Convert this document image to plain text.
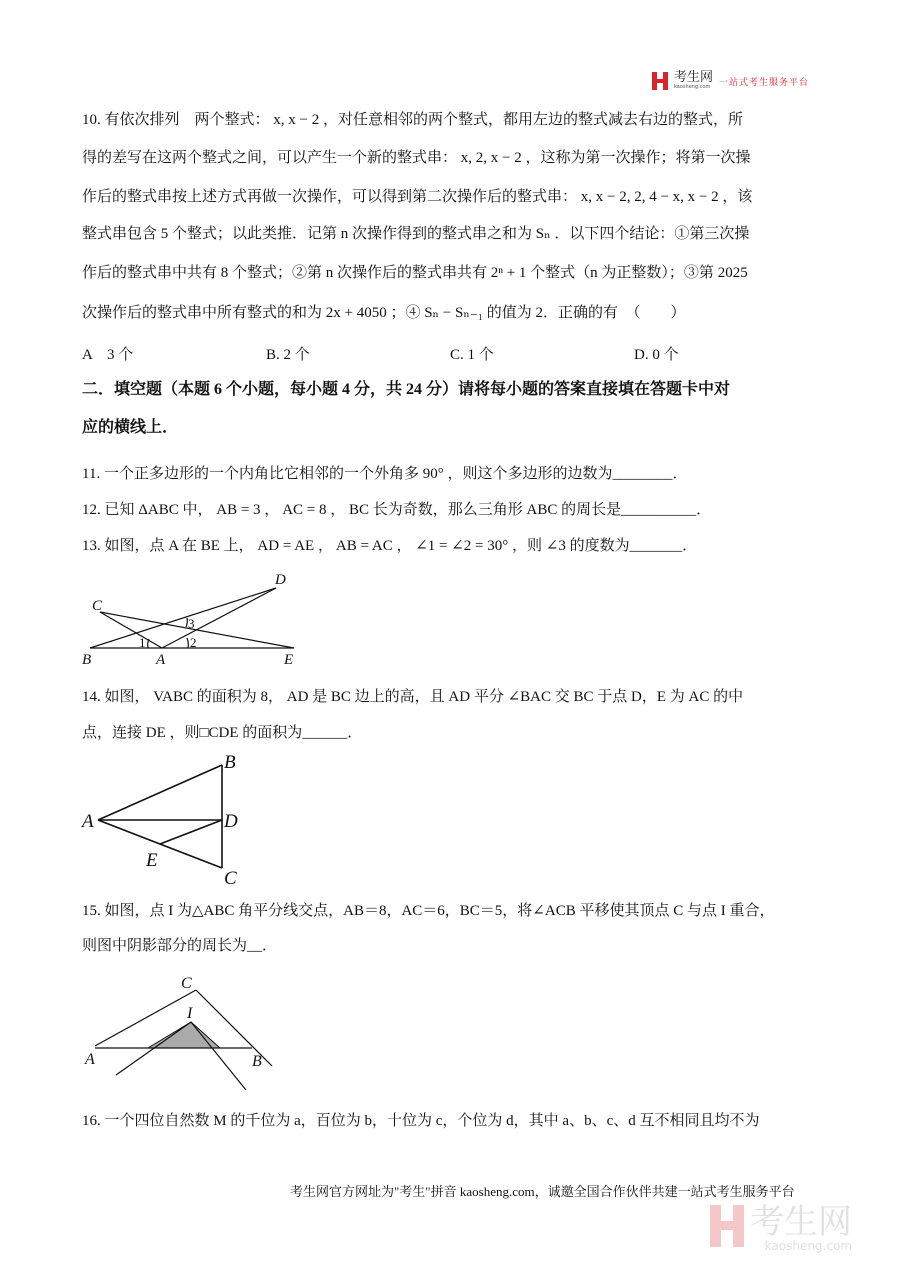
考生网
kaosheng.com 一站式考生服务平台
10. 有依次排列　两个整式： x, x − 2 ，对任意相邻的两个整式，都用左边的整式减去右边的整式，所
得的差写在这两个整式之间，可以产生一个新的整式串： x, 2, x − 2 ，这称为第一次操作；将第一次操
作后的整式串按上述方式再做一次操作，可以得到第二次操作后的整式串： x, x − 2, 2, 4 − x, x − 2 ，该
整式串包含 5 个整式；以此类推．记第 n 次操作得到的整式串之和为 Sₙ ．以下四个结论：①第三次操
作后的整式串中共有 8 个整式；②第 n 次操作后的整式串共有 2ⁿ + 1 个整式（n 为正整数）；③第 2025
次操作后的整式串中所有整式的和为 2x + 4050 ；④ Sₙ − Sₙ₋₁ 的值为 2．正确的有　（　　）
A　3 个	B. 2 个	C. 1 个	D. 0 个
二．填空题（本题 6 个小题，每小题 4 分，共 24 分）请将每小题的答案直接填在答题卡中对
应的横线上．
11. 一个正多边形的一个内角比它相邻的一个外角多 90° ，则这个多边形的边数为________．
12. 已知 ΔABC 中， AB = 3 ， AC = 8 ， BC 长为奇数，那么三角形 ABC 的周长是__________．
13. 如图，点 A 在 BE 上， AD = AE ， AB = AC ， ∠1 = ∠2 = 30° ，则 ∠3 的度数为_______．
B	A	E
C
D
1	2
3
A
B
D
C
E
C
I
A	B
14. 如图， VABC 的面积为 8， AD 是 BC 边上的高，且 AD 平分 ∠BAC 交 BC 于点 D，E 为 AC 的中
点，连接 DE ，则□CDE 的面积为______．
15. 如图，点 I 为△ABC 角平分线交点，AB＝8，AC＝6，BC＝5，将∠ACB 平移使其顶点 C 与点 I 重合，
则图中阴影部分的周长为__．
16. 一个四位自然数 M 的千位为 a，百位为 b，十位为 c，个位为 d，其中 a、b、c、d 互不相同且均不为
考生网官方网址为"考生"拼音 kaosheng.com，诚邀全国合作伙伴共建一站式考生服务平台
考生网
kaosheng.com
